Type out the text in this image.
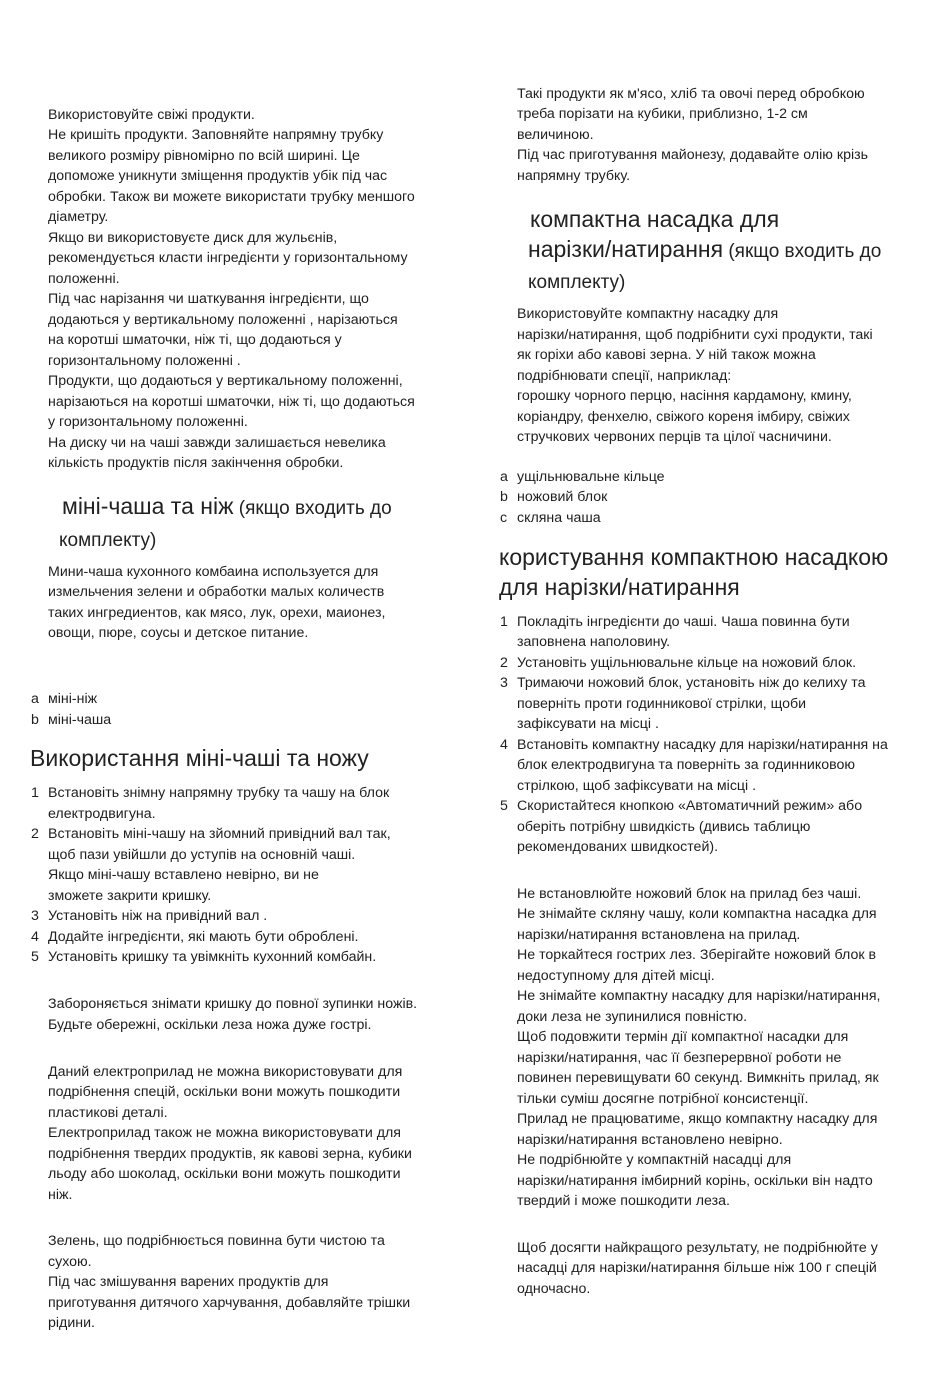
Використовуйте свіжі продукти.
Не кришіть продукти. Заповняйте напрямну трубку
великого розміру рівномірно по всій ширині. Це
допоможе уникнути зміщення продуктів убік під час
обробки. Також ви можете використати трубку меншого
діаметру.
Якщо ви використовуєте диск для жульєнів,
рекомендується класти інгредієнти у горизонтальному
положенні.
Під час нарізання чи шаткування інгредієнти, що
додаються у вертикальному положенні , нарізаються
на коротші шматочки, ніж ті, що додаються у
горизонтальному положенні .
Продукти, що додаються у вертикальному положенні,
нарізаються на коротші шматочки, ніж ті, що додаються
у горизонтальному положенні.
На диску чи на чаші завжди залишається невелика
кількість продуктів після закінчення обробки.
міні-чаша та ніж (якщо входить до
комплекту)
Мини-чаша кухонного комбаина используется для
измельчения зелени и обработки малых количеств
таких ингредиентов, как мясо, лук, орехи, маионез,
овощи, пюре, соусы и детское питание.
a міні-ніж
b міні-чаша
Використання міні-чаші та ножу
1 Встановіть знімну напрямну трубку та чашу на блок
електродвигуна.
2 Встановіть міні-чашу на зйомний привідний вал так,
щоб пази увійшли до уступів на основній чаші.
Якщо міні-чашу вставлено невірно, ви не
зможете закрити кришку.
3 Установіть ніж на привідний вал .
4 Додайте інгредієнти, які мають бути оброблені.
5 Установіть кришку та увімкніть кухонний комбайн.
Забороняється знімати кришку до повної зупинки ножів.
Будьте обережні, оскільки леза ножа дуже гострі.
Даний електроприлад не можна використовувати для
подрібнення спецій, оскільки вони можуть пошкодити
пластикові деталі.
Електроприлад також не можна використовувати для
подрібнення твердих продуктів, як кавові зерна, кубики
льоду або шоколад, оскільки вони можуть пошкодити
ніж.
Зелень, що подрібнюється повинна бути чистою та
сухою.
Під час змішування варених продуктів для
приготування дитячого харчування, добавляйте трішки
рідини.
Такі продукти як м'ясо, хліб та овочі перед обробкою
треба порізати на кубики, приблизно, 1-2 см
величиною.
Під час приготування майонезу, додавайте олію крізь
напрямну трубку.
компактна насадка для
нарізки/натирання (якщо входить до
комплекту)
Використовуйте компактну насадку для
нарізки/натирання, щоб подрібнити сухі продукти, такі
як горіхи або кавові зерна. У ній також можна
подрібнювати спеції, наприклад:
горошку чорного перцю, насіння кардамону, кмину,
коріандру, фенхелю, свіжого кореня імбиру, свіжих
стручкових червоних перців та цілої часничини.
a ущільнювальне кільце
b ножовий блок
c скляна чаша
користування компактною насадкою
для нарізки/натирання
1 Покладіть інгредієнти до чаші. Чаша повинна бути
заповнена наполовину.
2 Установіть ущільнювальне кільце на ножовий блок.
3 Тримаючи ножовий блок, установіть ніж до келиху та
поверніть проти годинникової стрілки, щоби
зафіксувати на місці .
4 Встановіть компактну насадку для нарізки/натирання на
блок електродвигуна та поверніть за годинниковою
стрілкою, щоб зафіксувати на місці .
5 Скористайтеся кнопкою «Автоматичний режим» або
оберіть потрібну швидкість (дивись таблицю
рекомендованих швидкостей).
Не встановлюйте ножовий блок на прилад без чаші.
Не знімайте скляну чашу, коли компактна насадка для
нарізки/натирання встановлена на прилад.
Не торкайтеся гострих лез. Зберігайте ножовий блок в
недоступному для дітей місці.
Не знімайте компактну насадку для нарізки/натирання,
доки леза не зупинилися повністю.
Щоб подовжити термін дії компактної насадки для
нарізки/натирання, час її безперервної роботи не
повинен перевищувати 60 секунд. Вимкніть прилад, як
тільки суміш досягне потрібної консистенції.
Прилад не працюватиме, якщо компактну насадку для
нарізки/натирання встановлено невірно.
Не подрібнюйте у компактній насадці для
нарізки/натирання імбирний корінь, оскільки він надто
твердий і може пошкодити леза.
Щоб досягти найкращого результату, не подрібнюйте у
насадці для нарізки/натирання більше ніж 100 г спецій
одночасно.
